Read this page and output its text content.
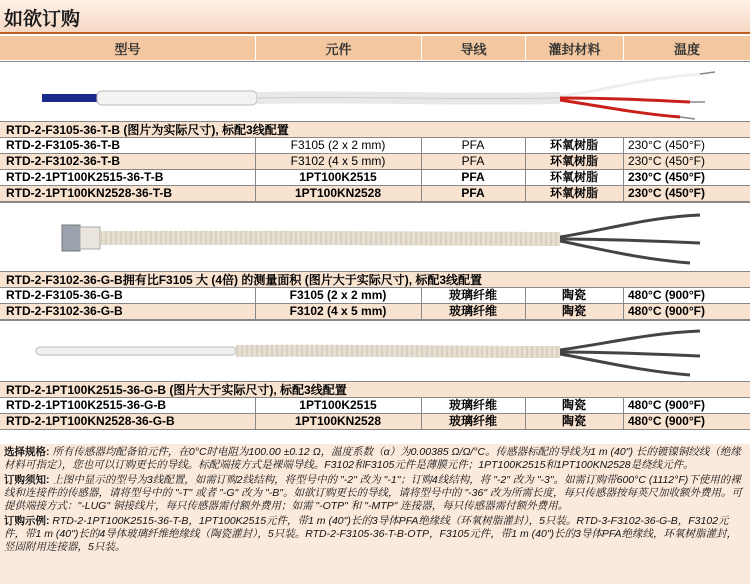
如欲订购
型号	元件	导线	灌封材料	温度
RTD-2-F3105-36-T-B (图片为实际尺寸), 标配3线配置
RTD-2-F3105-36-T-B	F3105 (2 x 2 mm)	PFA	环氧树脂	230°C (450°F)
RTD-2-F3102-36-T-B	F3102 (4 x 5 mm)	PFA	环氧树脂	230°C (450°F)
RTD-2-1PT100K2515-36-T-B	1PT100K2515	PFA	环氧树脂	230°C (450°F)
RTD-2-1PT100KN2528-36-T-B	1PT100KN2528	PFA	环氧树脂	230°C (450°F)
RTD-2-F3102-36-G-B拥有比F3105 大 (4倍) 的测量面积 (图片大于实际尺寸), 标配3线配置
RTD-2-F3105-36-G-B	F3105 (2 x 2 mm)	玻璃纤维	陶瓷	480°C (900°F)
RTD-2-F3102-36-G-B	F3102 (4 x 5 mm)	玻璃纤维	陶瓷	480°C (900°F)
RTD-2-1PT100K2515-36-G-B (图片大于实际尺寸), 标配3线配置
RTD-2-1PT100K2515-36-G-B	1PT100K2515	玻璃纤维	陶瓷	480°C (900°F)
RTD-2-1PT100KN2528-36-G-B	1PT100KN2528	玻璃纤维	陶瓷	480°C (900°F)

选择规格: 所有传感器均配备铂元件，在0°C时电阻为100.00 ±0.12 Ω，温度系数（α）为0.00385 Ω/Ω/°C。传感器标配的导线为1 m (40") 长的镀镍铜绞线（绝缘材料可指定），您也可以订购更长的导线。标配端接方式是裸端导线。F3102和F3105元件是薄膜元件；1PT100K2515和1PT100KN2528是绕线元件。

订购须知: 上图中显示的型号为3线配置，如需订购2线结构，将型号中的 "-2" 改为 "-1"；订购4线结构，将 "-2" 改为 "-3"。如需订购带600°C (1112°F)下使用的裸线和连接件的传感器，请将型号中的 "-T" 或者 "-G" 改为 "-B"。如欲订购更长的导线，请将型号中的 "-36" 改为所需长度，每只传感器按每英尺加收额外费用。可提供端接方式："-LUG" 铜接线片，每只传感器需付额外费用；如需 "-OTP" 和 "-MTP" 连接器，每只传感器需付额外费用。

订购示例: RTD-2-1PT100K2515-36-T-B，1PT100K2515元件，带1 m (40")长的3导体PFA绝缘线（环氧树脂灌封），5只装。RTD-3-F3102-36-G-B，F3102元件，带1 m (40")长的4导体玻璃纤维绝缘线（陶瓷灌封），5只装。RTD-2-F3105-36-T-B-OTP，F3105元件，带1 m (40")长的3导体PFA绝缘线，环氧树脂灌封，竖固附用连接器，5只装。
